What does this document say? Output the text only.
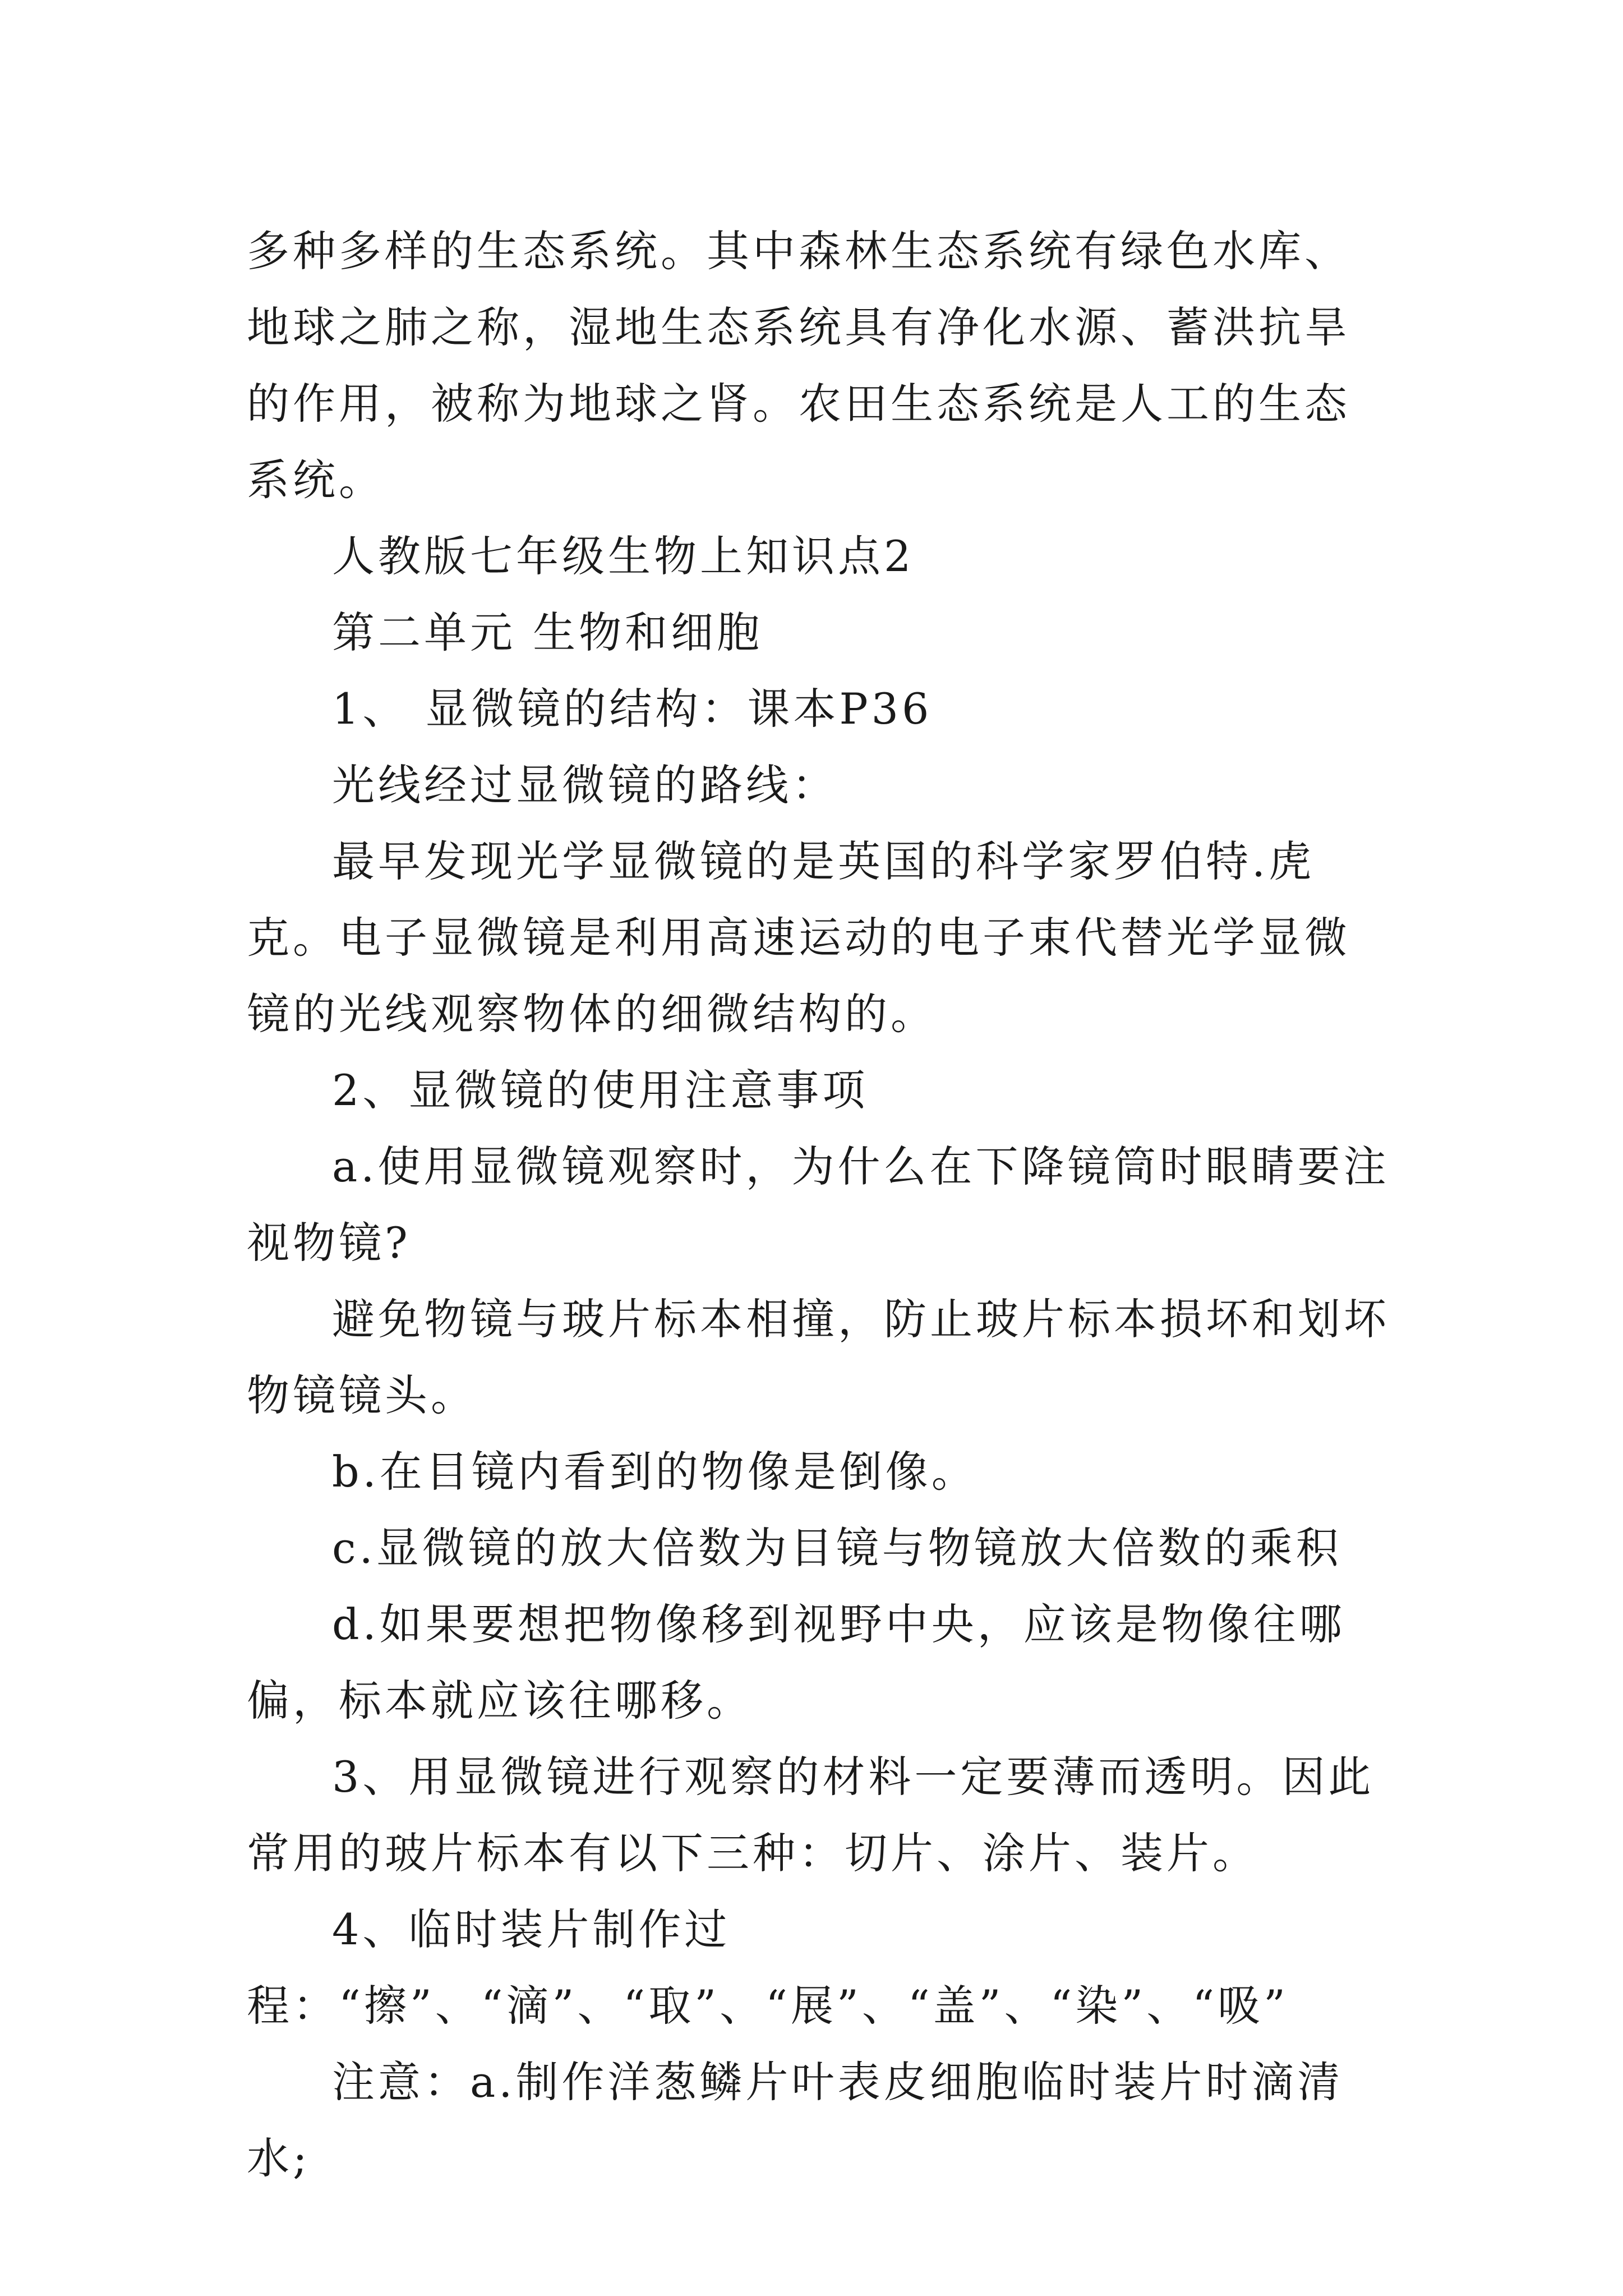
多种多样的生态系统。其中森林生态系统有绿色水库、地球之肺之称，湿地生态系统具有净化水源、蓄洪抗旱的作用，被称为地球之肾。农田生态系统是人工的生态系统。

人教版七年级生物上知识点2

第二单元 生物和细胞

1、 显微镜的结构：课本P36

光线经过显微镜的路线：

最早发现光学显微镜的是英国的科学家罗伯特.虎克。电子显微镜是利用高速运动的电子束代替光学显微镜的光线观察物体的细微结构的。

2、显微镜的使用注意事项

a.使用显微镜观察时，为什么在下降镜筒时眼睛要注视物镜?

避免物镜与玻片标本相撞，防止玻片标本损坏和划坏物镜镜头。

b.在目镜内看到的物像是倒像。

c.显微镜的放大倍数为目镜与物镜放大倍数的乘积

d.如果要想把物像移到视野中央，应该是物像往哪偏，标本就应该往哪移。

3、用显微镜进行观察的材料一定要薄而透明。因此常用的玻片标本有以下三种：切片、涂片、装片。

4、临时装片制作过程：“擦”、“滴”、“取”、“展”、“盖”、“染”、“吸”

注意：a.制作洋葱鳞片叶表皮细胞临时装片时滴清水;
